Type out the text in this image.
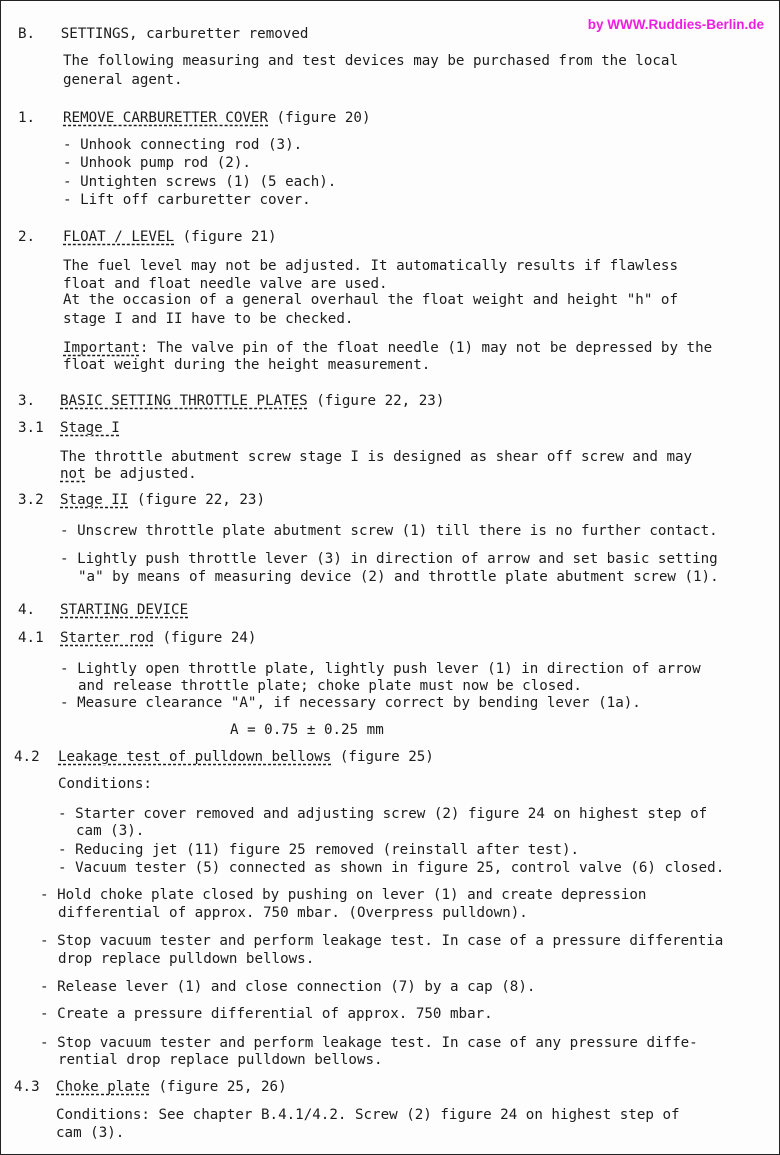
by WWW.Ruddies-Berlin.de
B.   SETTINGS, carburetter removed
The following measuring and test devices may be purchased from the local
general agent.
1. REMOVE CARBURETTER COVER (figure 20)
- Unhook connecting rod (3).
- Unhook pump rod (2).
- Untighten screws (1) (5 each).
- Lift off carburetter cover.
2. FLOAT / LEVEL (figure 21)
The fuel level may not be adjusted. It automatically results if flawless
float and float needle valve are used.
At the occasion of a general overhaul the float weight and height "h" of
stage I and II have to be checked.
Important: The valve pin of the float needle (1) may not be depressed by the
float weight during the height measurement.
3. BASIC SETTING THROTTLE PLATES (figure 22, 23)
3.1 Stage I
The throttle abutment screw stage I is designed as shear off screw and may
not be adjusted.
3.2 Stage II (figure 22, 23)
- Unscrew throttle plate abutment screw (1) till there is no further contact.
- Lightly push throttle lever (3) in direction of arrow and set basic setting
"a" by means of measuring device (2) and throttle plate abutment screw (1).
4. STARTING DEVICE
4.1 Starter rod (figure 24)
- Lightly open throttle plate, lightly push lever (1) in direction of arrow
and release throttle plate; choke plate must now be closed.
- Measure clearance "A", if necessary correct by bending lever (1a).
A = 0.75 ± 0.25 mm
4.2 Leakage test of pulldown bellows (figure 25)
Conditions:
- Starter cover removed and adjusting screw (2) figure 24 on highest step of
cam (3).
- Reducing jet (11) figure 25 removed (reinstall after test).
- Vacuum tester (5) connected as shown in figure 25, control valve (6) closed.
- Hold choke plate closed by pushing on lever (1) and create depression
differential of approx. 750 mbar. (Overpress pulldown).
- Stop vacuum tester and perform leakage test. In case of a pressure differentia
drop replace pulldown bellows.
- Release lever (1) and close connection (7) by a cap (8).
- Create a pressure differential of approx. 750 mbar.
- Stop vacuum tester and perform leakage test. In case of any pressure diffe-
rential drop replace pulldown bellows.
4.3 Choke plate (figure 25, 26)
Conditions: See chapter B.4.1/4.2. Screw (2) figure 24 on highest step of
cam (3).
